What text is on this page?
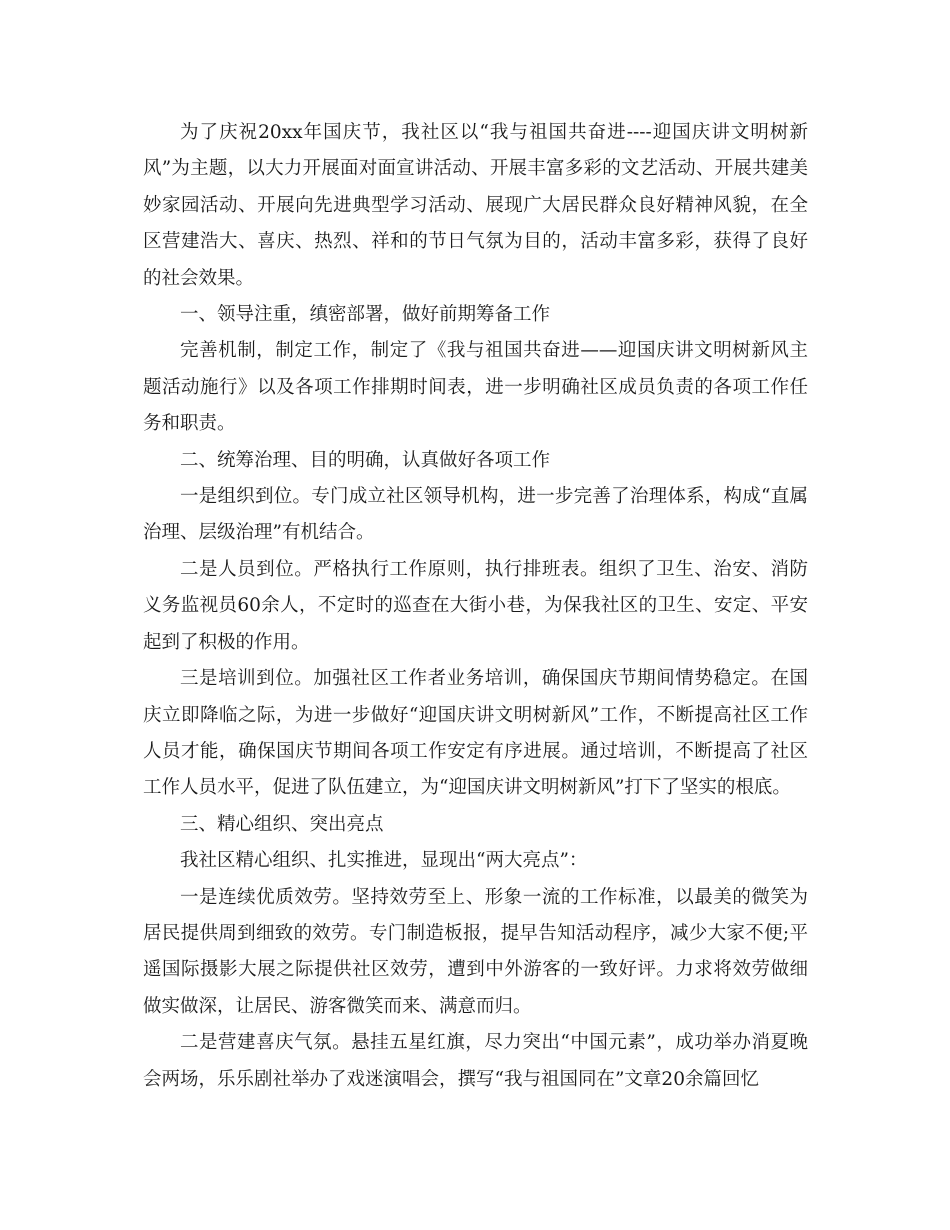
为了庆祝20xx年国庆节，我社区以“我与祖国共奋进----迎国庆讲文明树新风”为主题，以大力开展面对面宣讲活动、开展丰富多彩的文艺活动、开展共建美妙家园活动、开展向先进典型学习活动、展现广大居民群众良好精神风貌，在全区营建浩大、喜庆、热烈、祥和的节日气氛为目的，活动丰富多彩，获得了良好的社会效果。

一、领导注重，缜密部署，做好前期筹备工作

完善机制，制定工作，制定了《我与祖国共奋进——迎国庆讲文明树新风主题活动施行》以及各项工作排期时间表，进一步明确社区成员负责的各项工作任务和职责。

二、统筹治理、目的明确，认真做好各项工作

一是组织到位。专门成立社区领导机构，进一步完善了治理体系，构成“直属治理、层级治理”有机结合。

二是人员到位。严格执行工作原则，执行排班表。组织了卫生、治安、消防义务监视员60余人，不定时的巡查在大街小巷，为保我社区的卫生、安定、平安起到了积极的作用。

三是培训到位。加强社区工作者业务培训，确保国庆节期间情势稳定。在国庆立即降临之际，为进一步做好“迎国庆讲文明树新风”工作，不断提高社区工作人员才能，确保国庆节期间各项工作安定有序进展。通过培训，不断提高了社区工作人员水平，促进了队伍建立，为“迎国庆讲文明树新风”打下了坚实的根底。

三、精心组织、突出亮点

我社区精心组织、扎实推进，显现出“两大亮点”：

一是连续优质效劳。坚持效劳至上、形象一流的工作标准，以最美的微笑为居民提供周到细致的效劳。专门制造板报，提早告知活动程序，减少大家不便;平遥国际摄影大展之际提供社区效劳，遭到中外游客的一致好评。力求将效劳做细做实做深，让居民、游客微笑而来、满意而归。

二是营建喜庆气氛。悬挂五星红旗，尽力突出“中国元素”，成功举办消夏晚会两场，乐乐剧社举办了戏迷演唱会，撰写“我与祖国同在”文章20余篇回忆
